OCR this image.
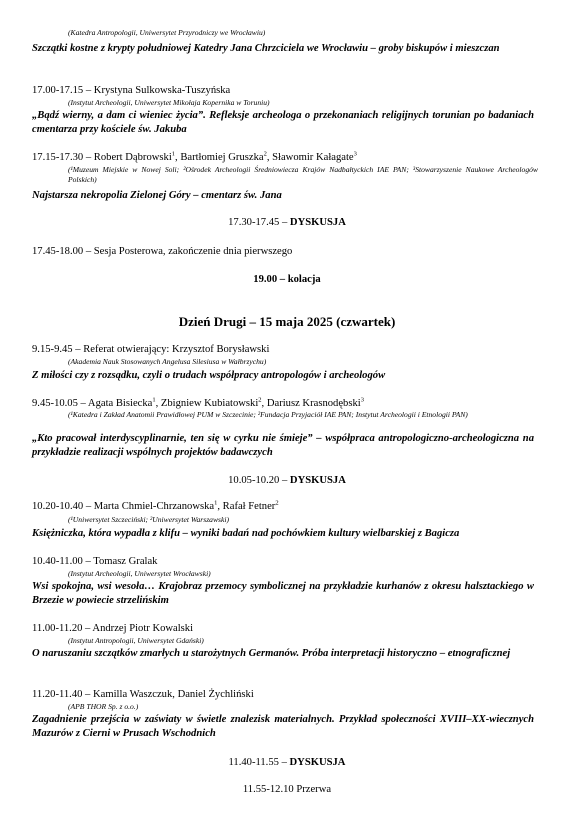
(Katedra Antropologii, Uniwersytet Przyrodniczy we Wrocławiu)
Szczątki kostne z krypty południowej Katedry Jana Chrzciciela we Wrocławiu – groby biskupów i mieszczan
17.00-17.15 – Krystyna Sulkowska-Tuszyńska
(Instytut Archeologii, Uniwersytet Mikołaja Kopernika w Toruniu)
„Bądź wierny, a dam ci wieniec życia”. Refleksje archeologa o przekonaniach religijnych torunian po badaniach cmentarza przy kościele św. Jakuba
17.15-17.30 – Robert Dąbrowski$^1$, Bartłomiej Gruszka$^2$, Sławomir Kałagate$^3$
(¹Muzeum Miejskie w Nowej Soli; ²Ośrodek Archeologii Średniowiecza Krajów Nadbałtyckich IAE PAN; ³Stowarzyszenie Naukowe Archeologów Polskich)
Najstarsza nekropolia Zielonej Góry – cmentarz św. Jana
17.30-17.45 – DYSKUSJA
17.45-18.00 – Sesja Posterowa, zakończenie dnia pierwszego
19.00 – kolacja
Dzień Drugi – 15 maja 2025 (czwartek)
9.15-9.45 – Referat otwierający: Krzysztof Borysławski
(Akademia Nauk Stosowanych Angelusa Silesiusa w Wałbrzychu)
Z miłości czy z rozsądku, czyli o trudach współpracy antropologów i archeologów
9.45-10.05 – Agata Bisiecka$^1$, Zbigniew Kubiatowski$^2$, Dariusz Krasnodębski$^3$
(¹Katedra i Zakład Anatomii Prawidłowej PUM w Szczecinie; ²Fundacja Przyjaciół IAE PAN; Instytut Archeologii i Etnologii PAN)
„Kto pracował interdyscyplinarnie, ten się w cyrku nie śmieje” – współpraca antropologiczno-archeologiczna na przykładzie realizacji wspólnych projektów badawczych
10.05-10.20 – DYSKUSJA
10.20-10.40 – Marta Chmiel-Chrzanowska$^1$, Rafał Fetner$^2$
(¹Uniwersytet Szczeciński; ²Uniwersytet Warszawski)
Księżniczka, która wypadła z klifu – wyniki badań nad pochówkiem kultury wielbarskiej z Bagicza
10.40-11.00 – Tomasz Gralak
(Instytut Archeologii, Uniwersytet Wrocławski)
Wsi spokojna, wsi wesoła… Krajobraz przemocy symbolicznej na przykładzie kurhanów z okresu halsztackiego w Brzezie w powiecie strzelińskim
11.00-11.20 – Andrzej Piotr Kowalski
(Instytut Antropologii, Uniwersytet Gdański)
O naruszaniu szczątków zmarłych u starożytnych Germanów. Próba interpretacji historyczno – etnograficznej
11.20-11.40 – Kamilla Waszczuk, Daniel Żychliński
(APB THOR Sp. z o.o.)
Zagadnienie przejścia w zaświaty w świetle znalezisk materialnych. Przykład społeczności XVIII–XX-wiecznych Mazurów z Cierni w Prusach Wschodnich
11.40-11.55 – DYSKUSJA
11.55-12.10 Przerwa
